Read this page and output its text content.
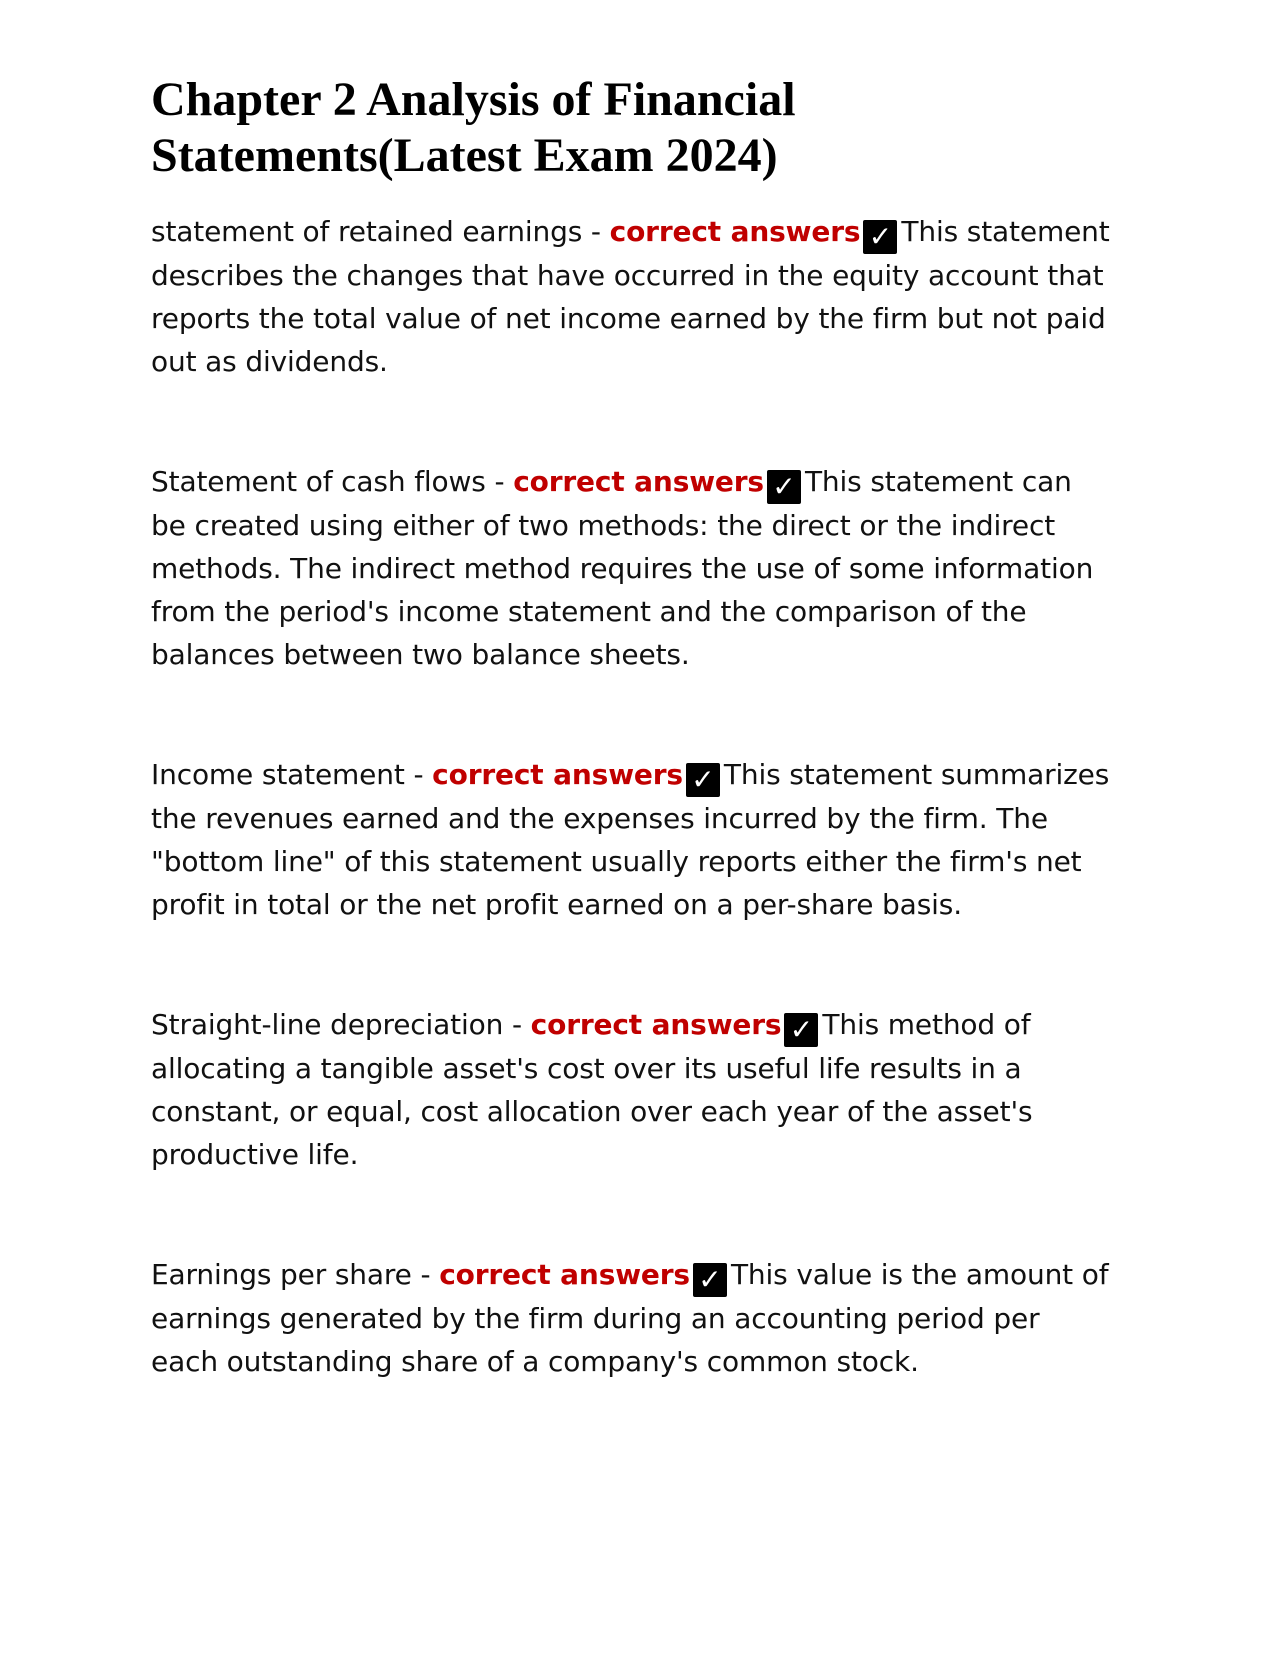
Chapter 2 Analysis of Financial Statements(Latest Exam 2024)

statement of retained earnings - correct answers ✓ This statement describes the changes that have occurred in the equity account that reports the total value of net income earned by the firm but not paid out as dividends.

Statement of cash flows - correct answers ✓ This statement can be created using either of two methods: the direct or the indirect methods. The indirect method requires the use of some information from the period's income statement and the comparison of the balances between two balance sheets.

Income statement - correct answers ✓ This statement summarizes the revenues earned and the expenses incurred by the firm. The "bottom line" of this statement usually reports either the firm's net profit in total or the net profit earned on a per-share basis.

Straight-line depreciation - correct answers ✓ This method of allocating a tangible asset's cost over its useful life results in a constant, or equal, cost allocation over each year of the asset's productive life.

Earnings per share - correct answers ✓ This value is the amount of earnings generated by the firm during an accounting period per each outstanding share of a company's common stock.
